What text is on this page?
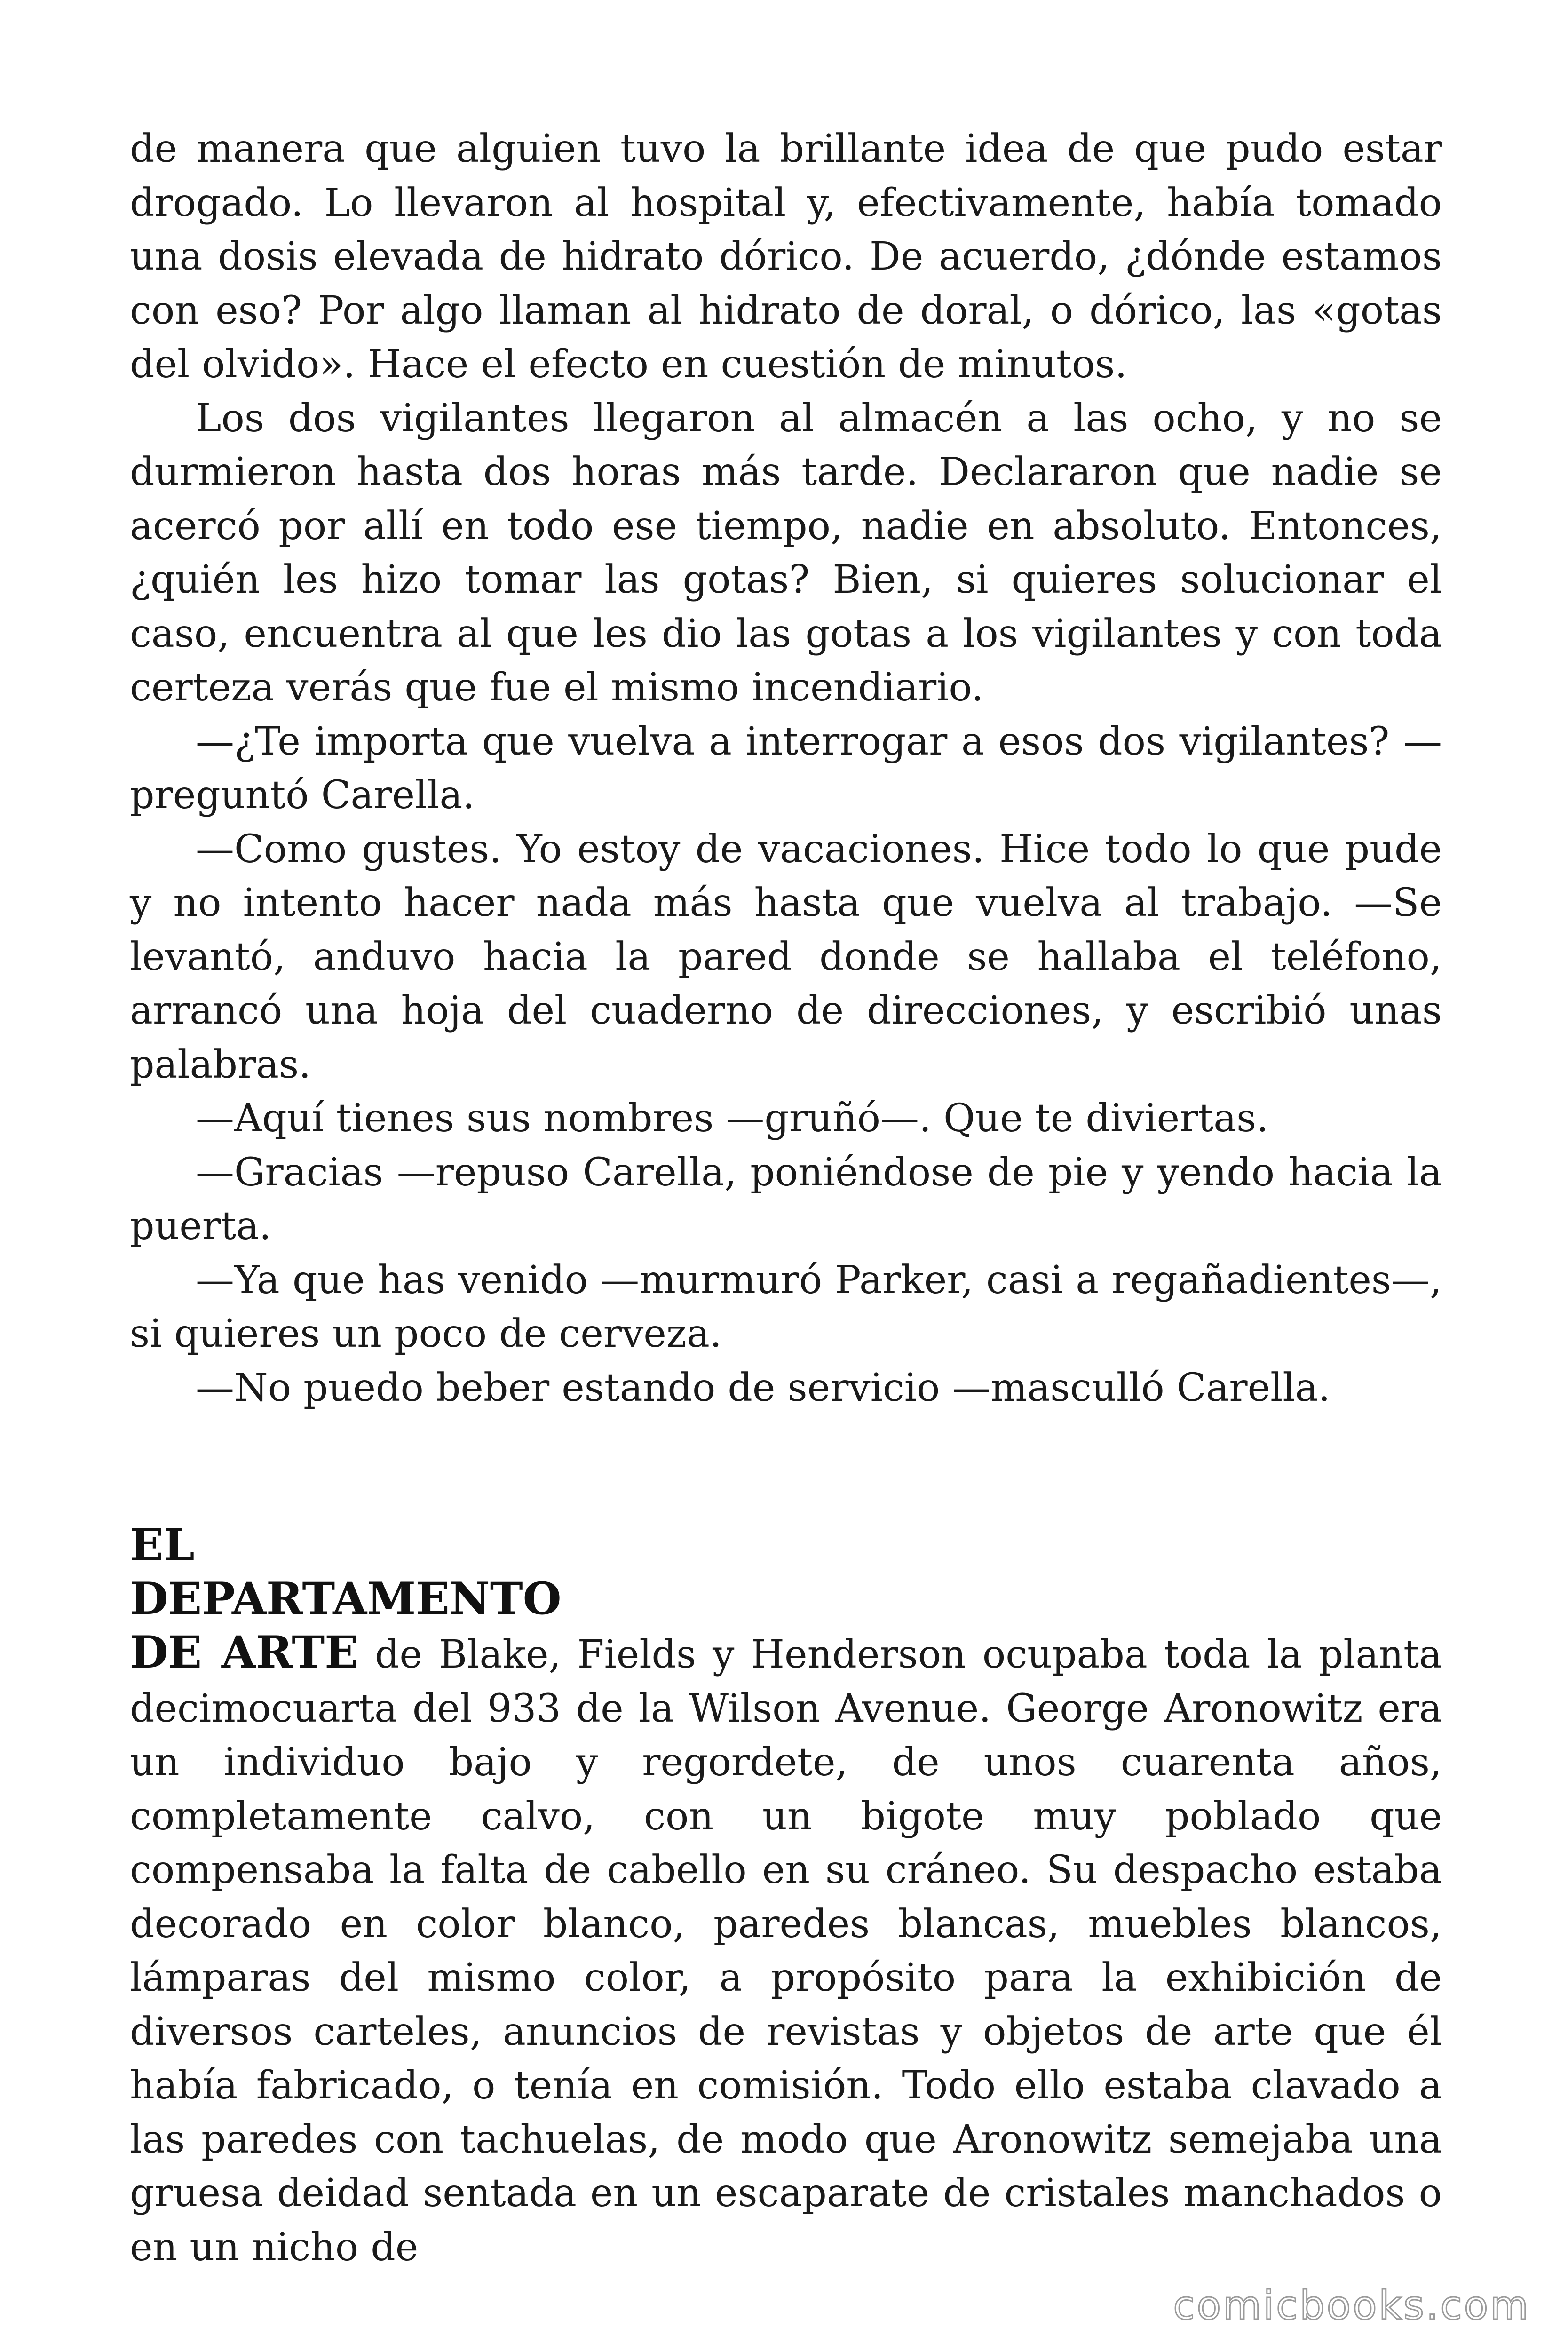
de manera que alguien tuvo la brillante idea de que pudo estar drogado. Lo llevaron al hospital y, efectivamente, había tomado una dosis elevada de hidrato dórico. De acuerdo, ¿dónde estamos con eso? Por algo llaman al hidrato de doral, o dórico, las «gotas del olvido». Hace el efecto en cuestión de minutos.

Los dos vigilantes llegaron al almacén a las ocho, y no se durmieron hasta dos horas más tarde. Declararon que nadie se acercó por allí en todo ese tiempo, nadie en absoluto. Entonces, ¿quién les hizo tomar las gotas? Bien, si quieres solucionar el caso, encuentra al que les dio las gotas a los vigilantes y con toda certeza verás que fue el mismo incendiario.

—¿Te importa que vuelva a interrogar a esos dos vigilantes? —preguntó Carella.

—Como gustes. Yo estoy de vacaciones. Hice todo lo que pude y no intento hacer nada más hasta que vuelva al trabajo. —Se levantó, anduvo hacia la pared donde se hallaba el teléfono, arrancó una hoja del cuaderno de direcciones, y escribió unas palabras.

—Aquí tienes sus nombres —gruñó—. Que te diviertas.

—Gracias —repuso Carella, poniéndose de pie y yendo hacia la puerta.

—Ya que has venido —murmuró Parker, casi a regañadientes—, si quieres un poco de cerveza.

—No puedo beber estando de servicio —masculló Carella.

EL
DEPARTAMENTO

DE ARTE de Blake, Fields y Henderson ocupaba toda la planta decimocuarta del 933 de la Wilson Avenue. George Aronowitz era un individuo bajo y regordete, de unos cuarenta años, completamente calvo, con un bigote muy poblado que compensaba la falta de cabello en su cráneo. Su despacho estaba decorado en color blanco, paredes blancas, muebles blancos, lámparas del mismo color, a propósito para la exhibición de diversos carteles, anuncios de revistas y objetos de arte que él había fabricado, o tenía en comisión. Todo ello estaba clavado a las paredes con tachuelas, de modo que Aronowitz semejaba una gruesa deidad sentada en un escaparate de cristales manchados o en un nicho de

comicbooks.com
